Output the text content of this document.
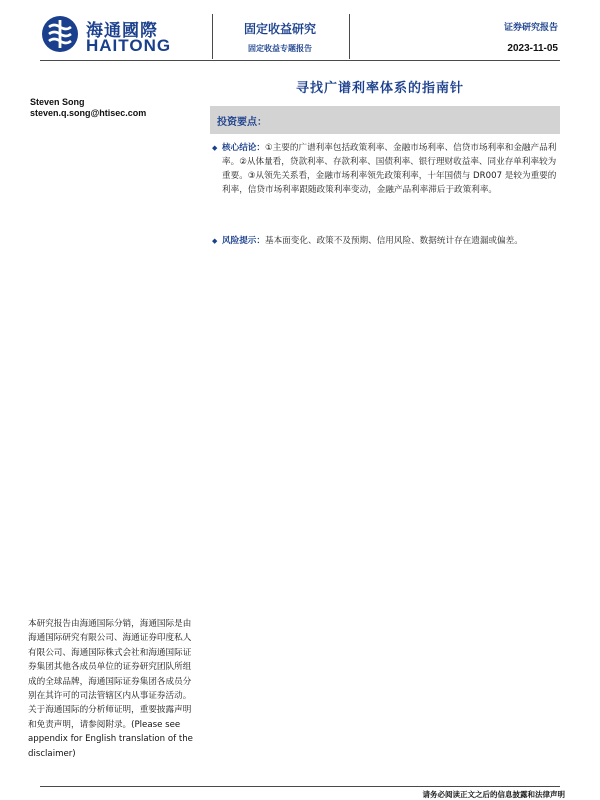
海通國際
HAITONG
固定收益研究
固定收益专题报告
证券研究报告
2023-11-05
寻找广谱利率体系的指南针
Steven Song
steven.q.song@htisec.com
投资要点：
◆ 核心结论：①主要的广谱利率包括政策利率、金融市场利率、信贷市场利率和金融产品利率。②从体量看，贷款利率、存款利率、国债利率、银行理财收益率、同业存单利率较为重要。③从领先关系看，金融市场利率领先政策利率，十年国债与 DR007 是较为重要的利率，信贷市场利率跟随政策利率变动，金融产品利率滞后于政策利率。
◆ 风险提示：基本面变化、政策不及预期、信用风险、数据统计存在遗漏或偏差。
本研究报告由海通国际分销，海通国际是由海通国际研究有限公司、海通证券印度私人有限公司、海通国际株式会社和海通国际证券集团其他各成员单位的证券研究团队所组成的全球品牌，海通国际证券集团各成员分别在其许可的司法管辖区内从事证券活动。关于海通国际的分析师证明，重要披露声明和免责声明，请参阅附录。(Please see appendix for English translation of the disclaimer)
请务必阅读正文之后的信息披露和法律声明
